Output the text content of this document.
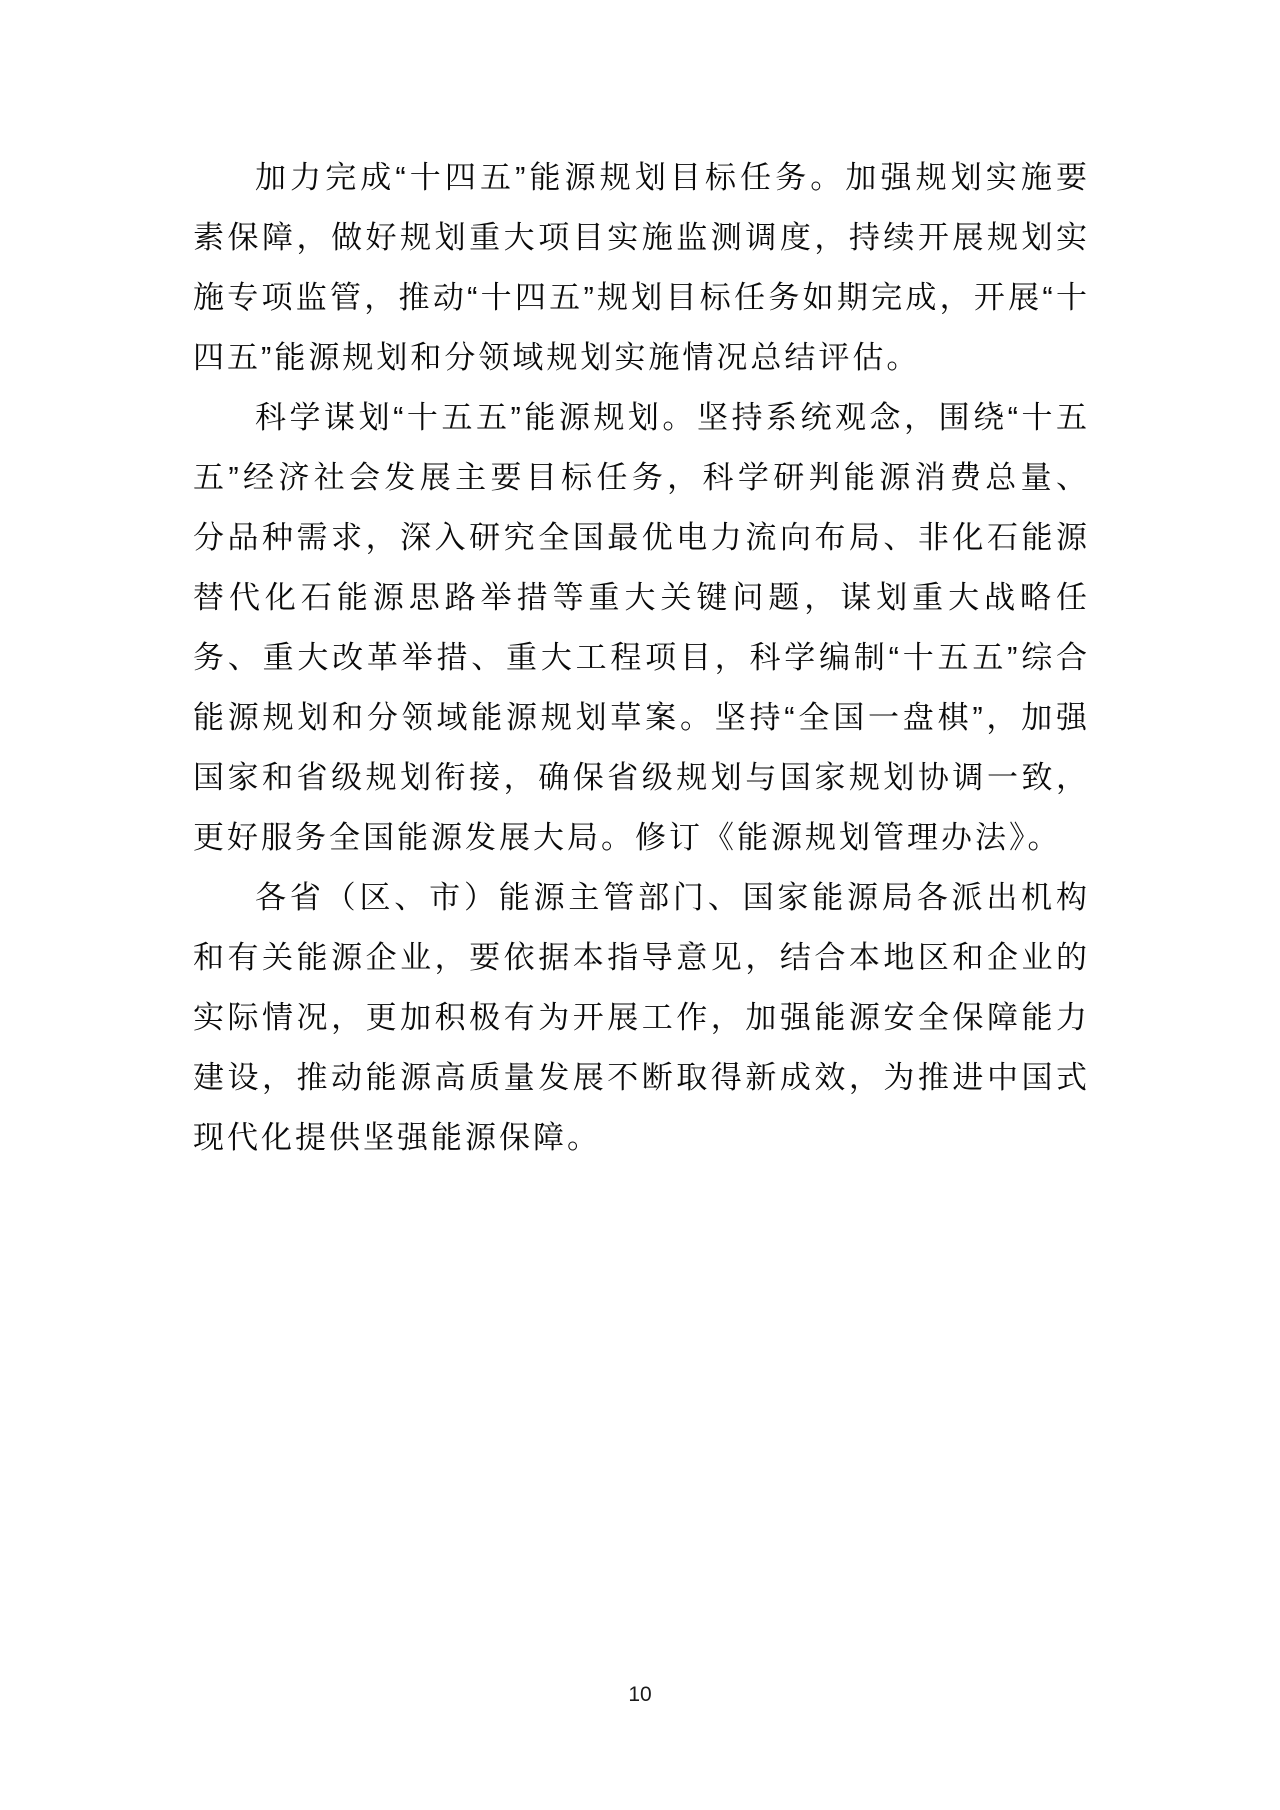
加力完成“十四五”能源规划目标任务。加强规划实施要素保障，做好规划重大项目实施监测调度，持续开展规划实施专项监管，推动“十四五”规划目标任务如期完成，开展“十四五”能源规划和分领域规划实施情况总结评估。

科学谋划“十五五”能源规划。坚持系统观念，围绕“十五五”经济社会发展主要目标任务，科学研判能源消费总量、分品种需求，深入研究全国最优电力流向布局、非化石能源替代化石能源思路举措等重大关键问题，谋划重大战略任务、重大改革举措、重大工程项目，科学编制“十五五”综合能源规划和分领域能源规划草案。坚持“全国一盘棋”，加强国家和省级规划衔接，确保省级规划与国家规划协调一致，更好服务全国能源发展大局。修订《能源规划管理办法》。

各省（区、市）能源主管部门、国家能源局各派出机构和有关能源企业，要依据本指导意见，结合本地区和企业的实际情况，更加积极有为开展工作，加强能源安全保障能力建设，推动能源高质量发展不断取得新成效，为推进中国式现代化提供坚强能源保障。

10
